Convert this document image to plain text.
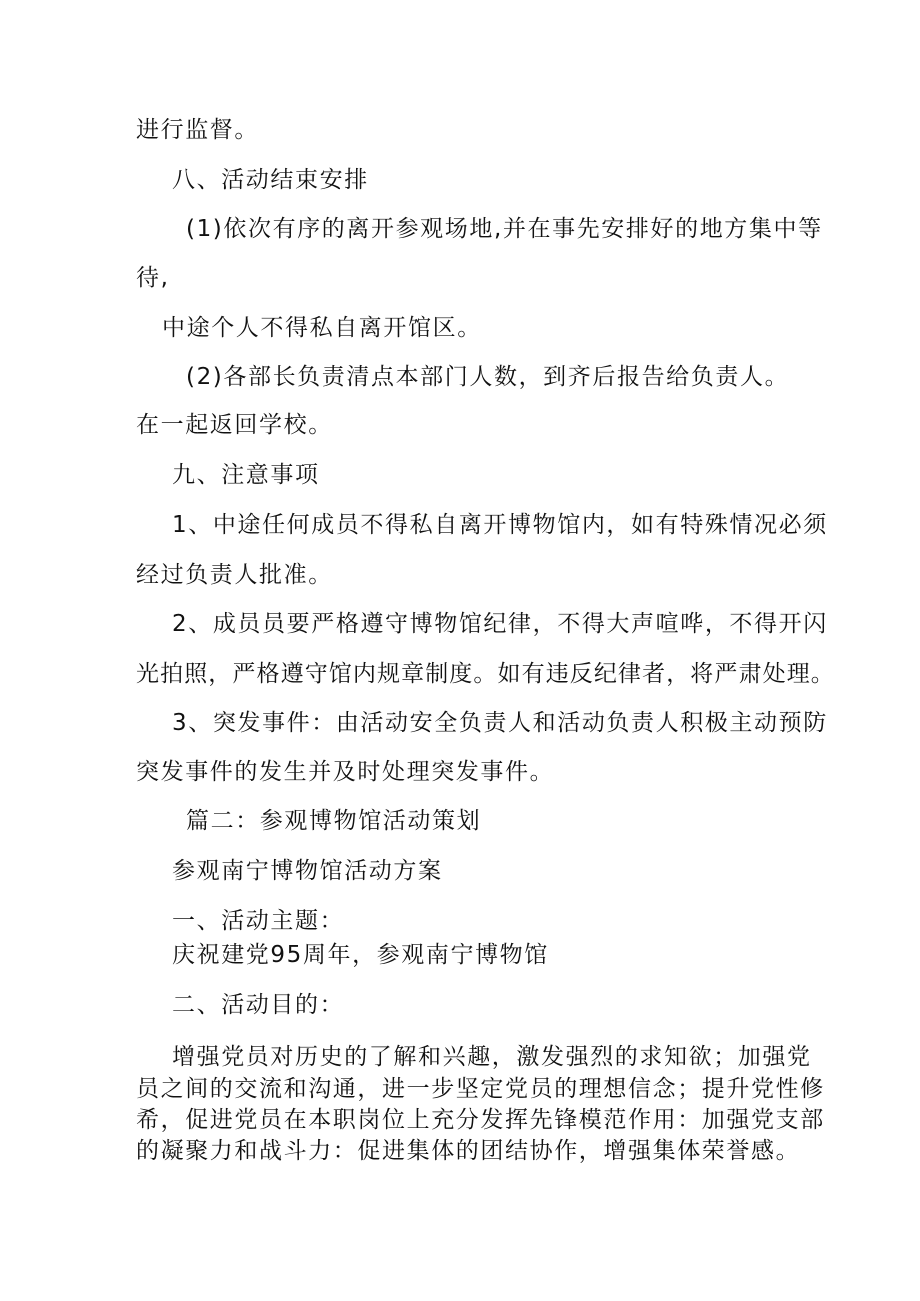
进行监督。
八、活动结束安排
(1)依次有序的离开参观场地,并在事先安排好的地方集中等
待,
中途个人不得私自离开馆区。
(2)各部长负责清点本部门人数，到齐后报告给负责人。
在一起返回学校。
九、注意事项
1、中途任何成员不得私自离开博物馆内，如有特殊情况必须
经过负责人批准。
2、成员员要严格遵守博物馆纪律，不得大声喧哗，不得开闪
光拍照，严格遵守馆内规章制度。如有违反纪律者，将严肃处理。
3、突发事件：由活动安全负责人和活动负责人积极主动预防
突发事件的发生并及时处理突发事件。
篇二：参观博物馆活动策划
参观南宁博物馆活动方案
一、活动主题：
庆祝建党95周年，参观南宁博物馆
二、活动目的：
增强党员对历史的了解和兴趣，激发强烈的求知欲；加强党
员之间的交流和沟通，进一步坚定党员的理想信念；提升党性修
希，促进党员在本职岗位上充分发挥先锋模范作用：加强党支部
的凝聚力和战斗力：促进集体的团结协作，增强集体荣誉感。
